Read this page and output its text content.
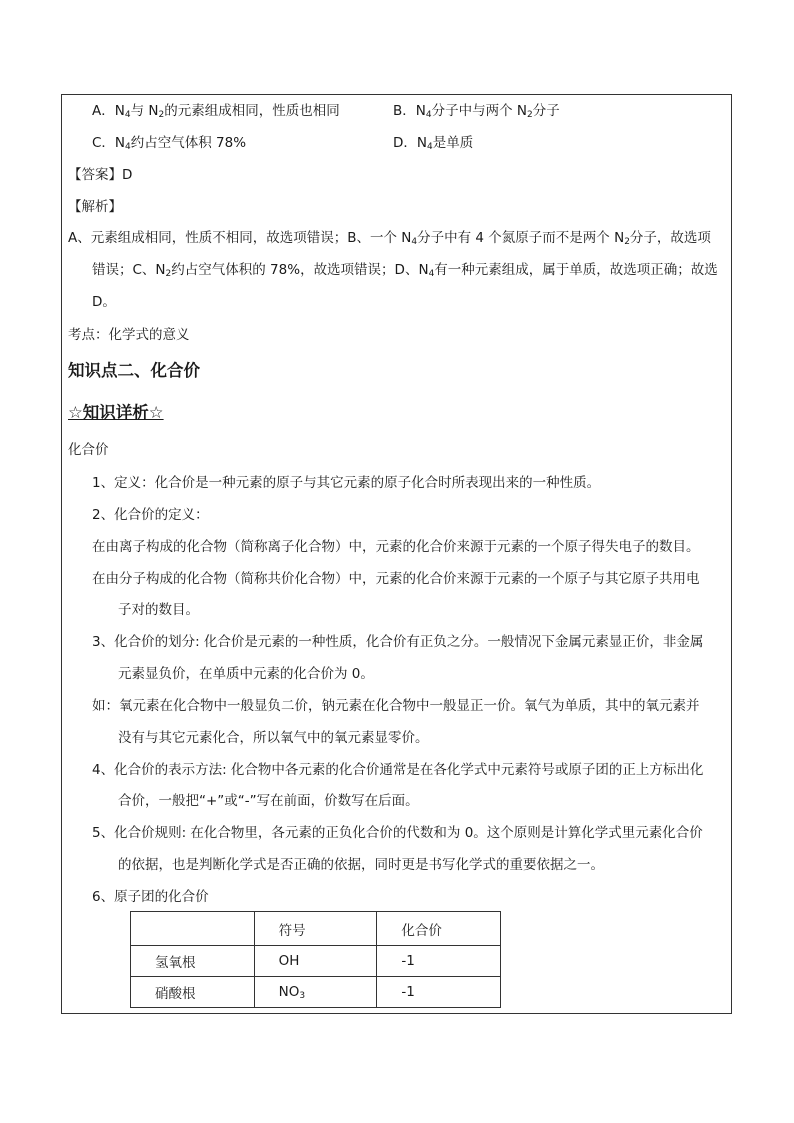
A．$N_4$与 $N_2$的元素组成相同，性质也相同	B．$N_4$分子中与两个 $N_2$分子
C．$N_4$约占空气体积 78%	D．$N_4$是单质
【答案】D
【解析】
A、元素组成相同，性质不相同，故选项错误；B、一个 $N_4$分子中有 4 个氮原子而不是两个 $N_2$分子，故选项
错误；C、$N_2$约占空气体积的 78%，故选项错误；D、$N_4$有一种元素组成，属于单质，故选项正确；故选
D。
考点：化学式的意义
知识点二、化合价
☆知识详析☆
化合价
1、定义：化合价是一种元素的原子与其它元素的原子化合时所表现出来的一种性质。
2、化合价的定义：
在由离子构成的化合物（简称离子化合物）中，元素的化合价来源于元素的一个原子得失电子的数目。
在由分子构成的化合物（简称共价化合物）中，元素的化合价来源于元素的一个原子与其它原子共用电
子对的数目。
3、化合价的划分: 化合价是元素的一种性质，化合价有正负之分。一般情况下金属元素显正价，非金属
元素显负价，在单质中元素的化合价为 0。
如：氧元素在化合物中一般显负二价，钠元素在化合物中一般显正一价。氧气为单质，其中的氧元素并
没有与其它元素化合，所以氧气中的氧元素显零价。
4、化合价的表示方法: 化合物中各元素的化合价通常是在各化学式中元素符号或原子团的正上方标出化
合价，一般把“+”或“-”写在前面，价数写在后面。
5、化合价规则: 在化合物里，各元素的正负化合价的代数和为 0。这个原则是计算化学式里元素化合价
的依据，也是判断化学式是否正确的依据，同时更是书写化学式的重要依据之一。
6、原子团的化合价
	符号	化合价
氢氧根	OH	-1
硝酸根	$NO_3$	-1
